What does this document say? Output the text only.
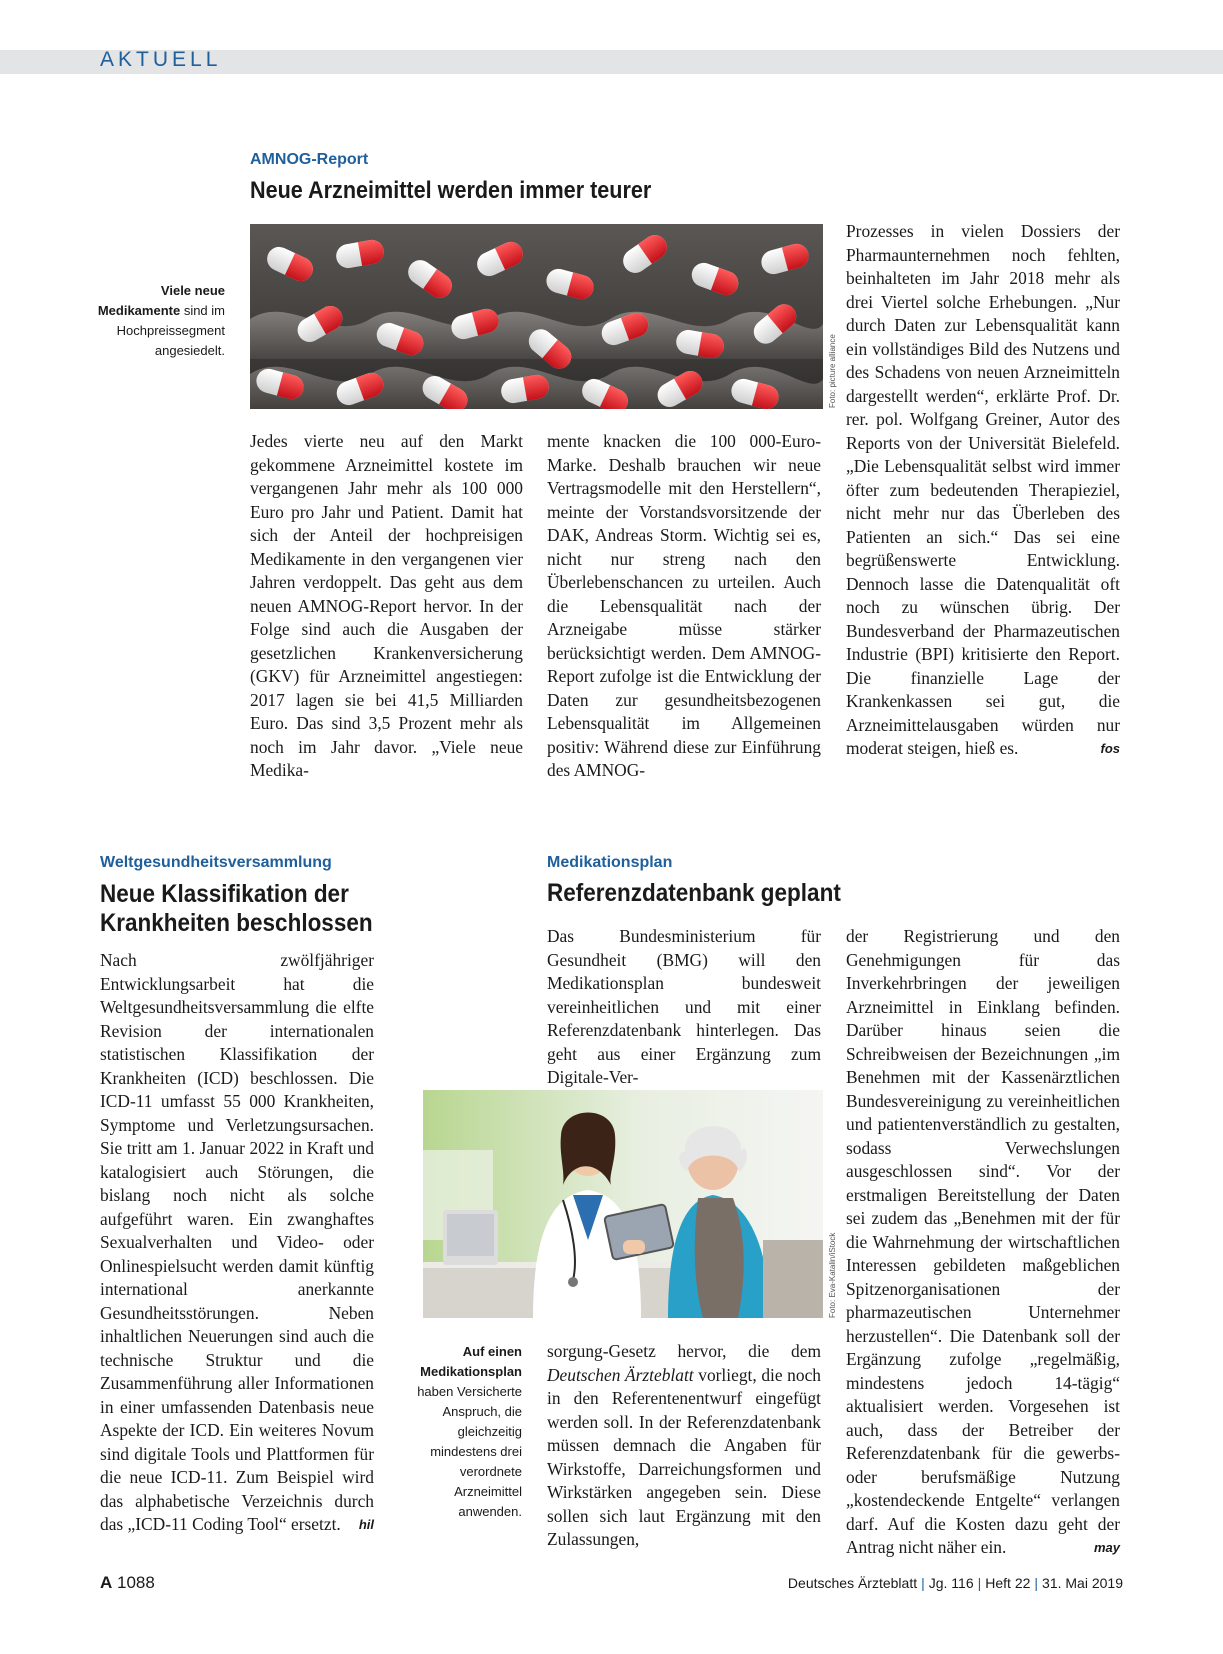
AKTUELL
AMNOG-Report
Neue Arzneimittel werden immer teurer
Viele neue Medikamente sind im Hochpreissegment angesiedelt.	Foto: picture alliance
Jedes vierte neu auf den Markt gekommene Arzneimittel kostete im vergangenen Jahr mehr als 100 000 Euro pro Jahr und Patient. Damit hat sich der Anteil der hochpreisigen Medikamente in den vergangenen vier Jahren verdoppelt. Das geht aus dem neuen AMNOG-Report hervor. In der Folge sind auch die Ausgaben der gesetzlichen Krankenversicherung (GKV) für Arzneimittel angestiegen: 2017 lagen sie bei 41,5 Milliarden Euro. Das sind 3,5 Prozent mehr als noch im Jahr davor. „Viele neue Medika-
mente knacken die 100 000-Euro-Marke. Deshalb brauchen wir neue Vertragsmodelle mit den Herstellern“, meinte der Vorstandsvorsitzende der DAK, Andreas Storm. Wichtig sei es, nicht nur streng nach den Überlebenschancen zu urteilen. Auch die Lebensqualität nach der Arzneigabe müsse stärker berücksichtigt werden. Dem AMNOG-Report zufolge ist die Entwicklung der Daten zur gesundheitsbezogenen Lebensqualität im Allgemeinen positiv: Während diese zur Einführung des AMNOG-
Prozesses in vielen Dossiers der Pharmaunternehmen noch fehlten, beinhalteten im Jahr 2018 mehr als drei Viertel solche Erhebungen. „Nur durch Daten zur Lebensqualität kann ein vollständiges Bild des Nutzens und des Schadens von neuen Arzneimitteln dargestellt werden“, erklärte Prof. Dr. rer. pol. Wolfgang Greiner, Autor des Reports von der Universität Bielefeld. „Die Lebensqualität selbst wird immer öfter zum bedeutenden Therapieziel, nicht mehr nur das Überleben des Patienten an sich.“ Das sei eine begrüßenswerte Entwicklung. Dennoch lasse die Datenqualität oft noch zu wünschen übrig. Der Bundesverband der Pharmazeutischen Industrie (BPI) kritisierte den Report. Die finanzielle Lage der Krankenkassen sei gut, die Arzneimittelausgaben würden nur moderat steigen, hieß es.	fos
Weltgesundheitsversammlung
Neue Klassifikation der
Krankheiten beschlossen
Nach zwölfjähriger Entwicklungsarbeit hat die Weltgesundheitsversammlung die elfte Revision der internationalen statistischen Klassifikation der Krankheiten (ICD) beschlossen. Die ICD-11 umfasst 55 000 Krankheiten, Symptome und Verletzungsursachen. Sie tritt am 1. Januar 2022 in Kraft und katalogisiert auch Störungen, die bislang noch nicht als solche aufgeführt waren. Ein zwanghaftes Sexualverhalten und Video- oder Onlinespielsucht werden damit künftig international anerkannte Gesundheitsstörungen. Neben inhaltlichen Neuerungen sind auch die technische Struktur und die Zusammenführung aller Informationen in einer umfassenden Datenbasis neue Aspekte der ICD. Ein weiteres Novum sind digitale Tools und Plattformen für die neue ICD-11. Zum Beispiel wird das alphabetische Verzeichnis durch das „ICD-11 Coding Tool“ ersetzt. hil
Medikationsplan
Referenzdatenbank geplant
Das Bundesministerium für Gesundheit (BMG) will den Medikationsplan bundesweit vereinheitlichen und mit einer Referenzdatenbank hinterlegen. Das geht aus einer Ergänzung zum Digitale-Ver-
Foto: Eva-Katalin/iStock
Auf einen Medikationsplan haben Versicherte Anspruch, die gleichzeitig mindestens drei verordnete Arzneimittel anwenden.
sorgung-Gesetz hervor, die dem Deutschen Ärzteblatt vorliegt, die noch in den Referentenentwurf eingefügt werden soll. In der Referenzdatenbank müssen demnach die Angaben für Wirkstoffe, Darreichungsformen und Wirkstärken angegeben sein. Diese sollen sich laut Ergänzung mit den Zulassungen,
der Registrierung und den Genehmigungen für das Inverkehrbringen der jeweiligen Arzneimittel in Einklang befinden. Darüber hinaus seien die Schreibweisen der Bezeichnungen „im Benehmen mit der Kassenärztlichen Bundesvereinigung zu vereinheitlichen und patientenverständlich zu gestalten, sodass Verwechslungen ausgeschlossen sind“. Vor der erstmaligen Bereitstellung der Daten sei zudem das „Benehmen mit der für die Wahrnehmung der wirtschaftlichen Interessen gebildeten maßgeblichen Spitzenorganisationen der pharmazeutischen Unternehmer herzustellen“. Die Datenbank soll der Ergänzung zufolge „regelmäßig, mindestens jedoch 14-tägig“ aktualisiert werden. Vorgesehen ist auch, dass der Betreiber der Referenzdatenbank für die gewerbs- oder berufsmäßige Nutzung „kostendeckende Entgelte“ verlangen darf. Auf die Kosten dazu geht der Antrag nicht näher ein.	may
A 1088	Deutsches Ärzteblatt | Jg. 116 | Heft 22 | 31. Mai 2019
